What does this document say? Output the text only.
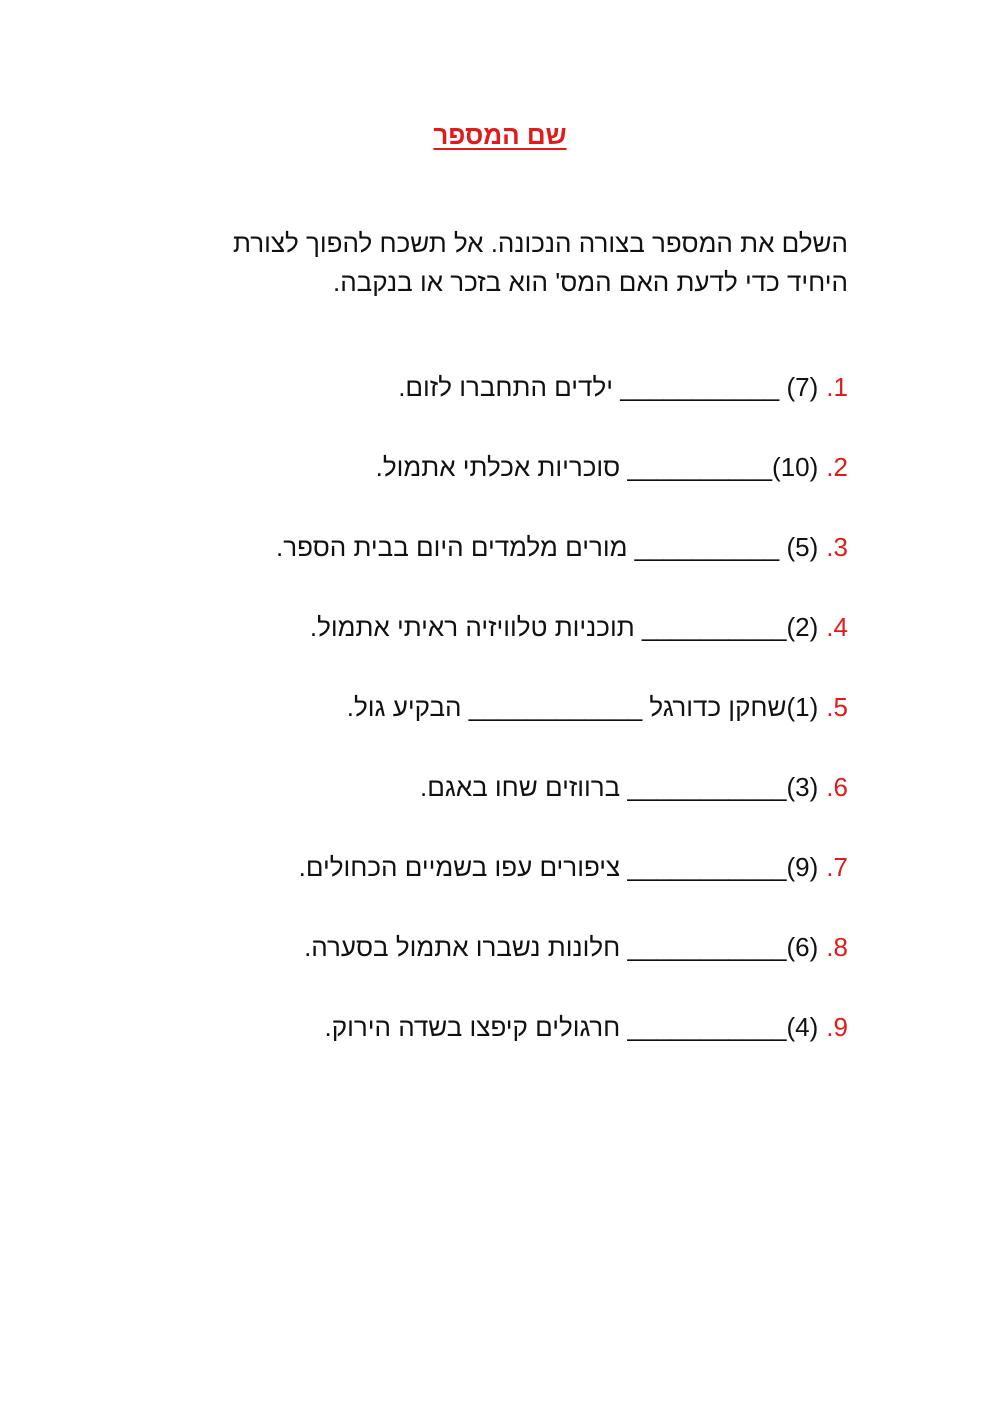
שם המספר
השלם את המספר בצורה הנכונה. אל תשכח להפוך לצורת היחיד כדי לדעת האם המס' הוא בזכר או בנקבה.
1.(7) ___________ ילדים התחברו לזום.
2.(10)__________ סוכריות אכלתי אתמול.
3.(5) __________ מורים מלמדים היום בבית הספר.
4.(2)__________ תוכניות טלוויזיה ראיתי אתמול.
5.(1)שחקן כדורגל ____________ הבקיע גול.
6.(3)___________ ברווזים שחו באגם.
7.(9)___________ ציפורים עפו בשמיים הכחולים.
8.(6)___________ חלונות נשברו אתמול בסערה.
9.(4)___________ חרגולים קיפצו בשדה הירוק.
